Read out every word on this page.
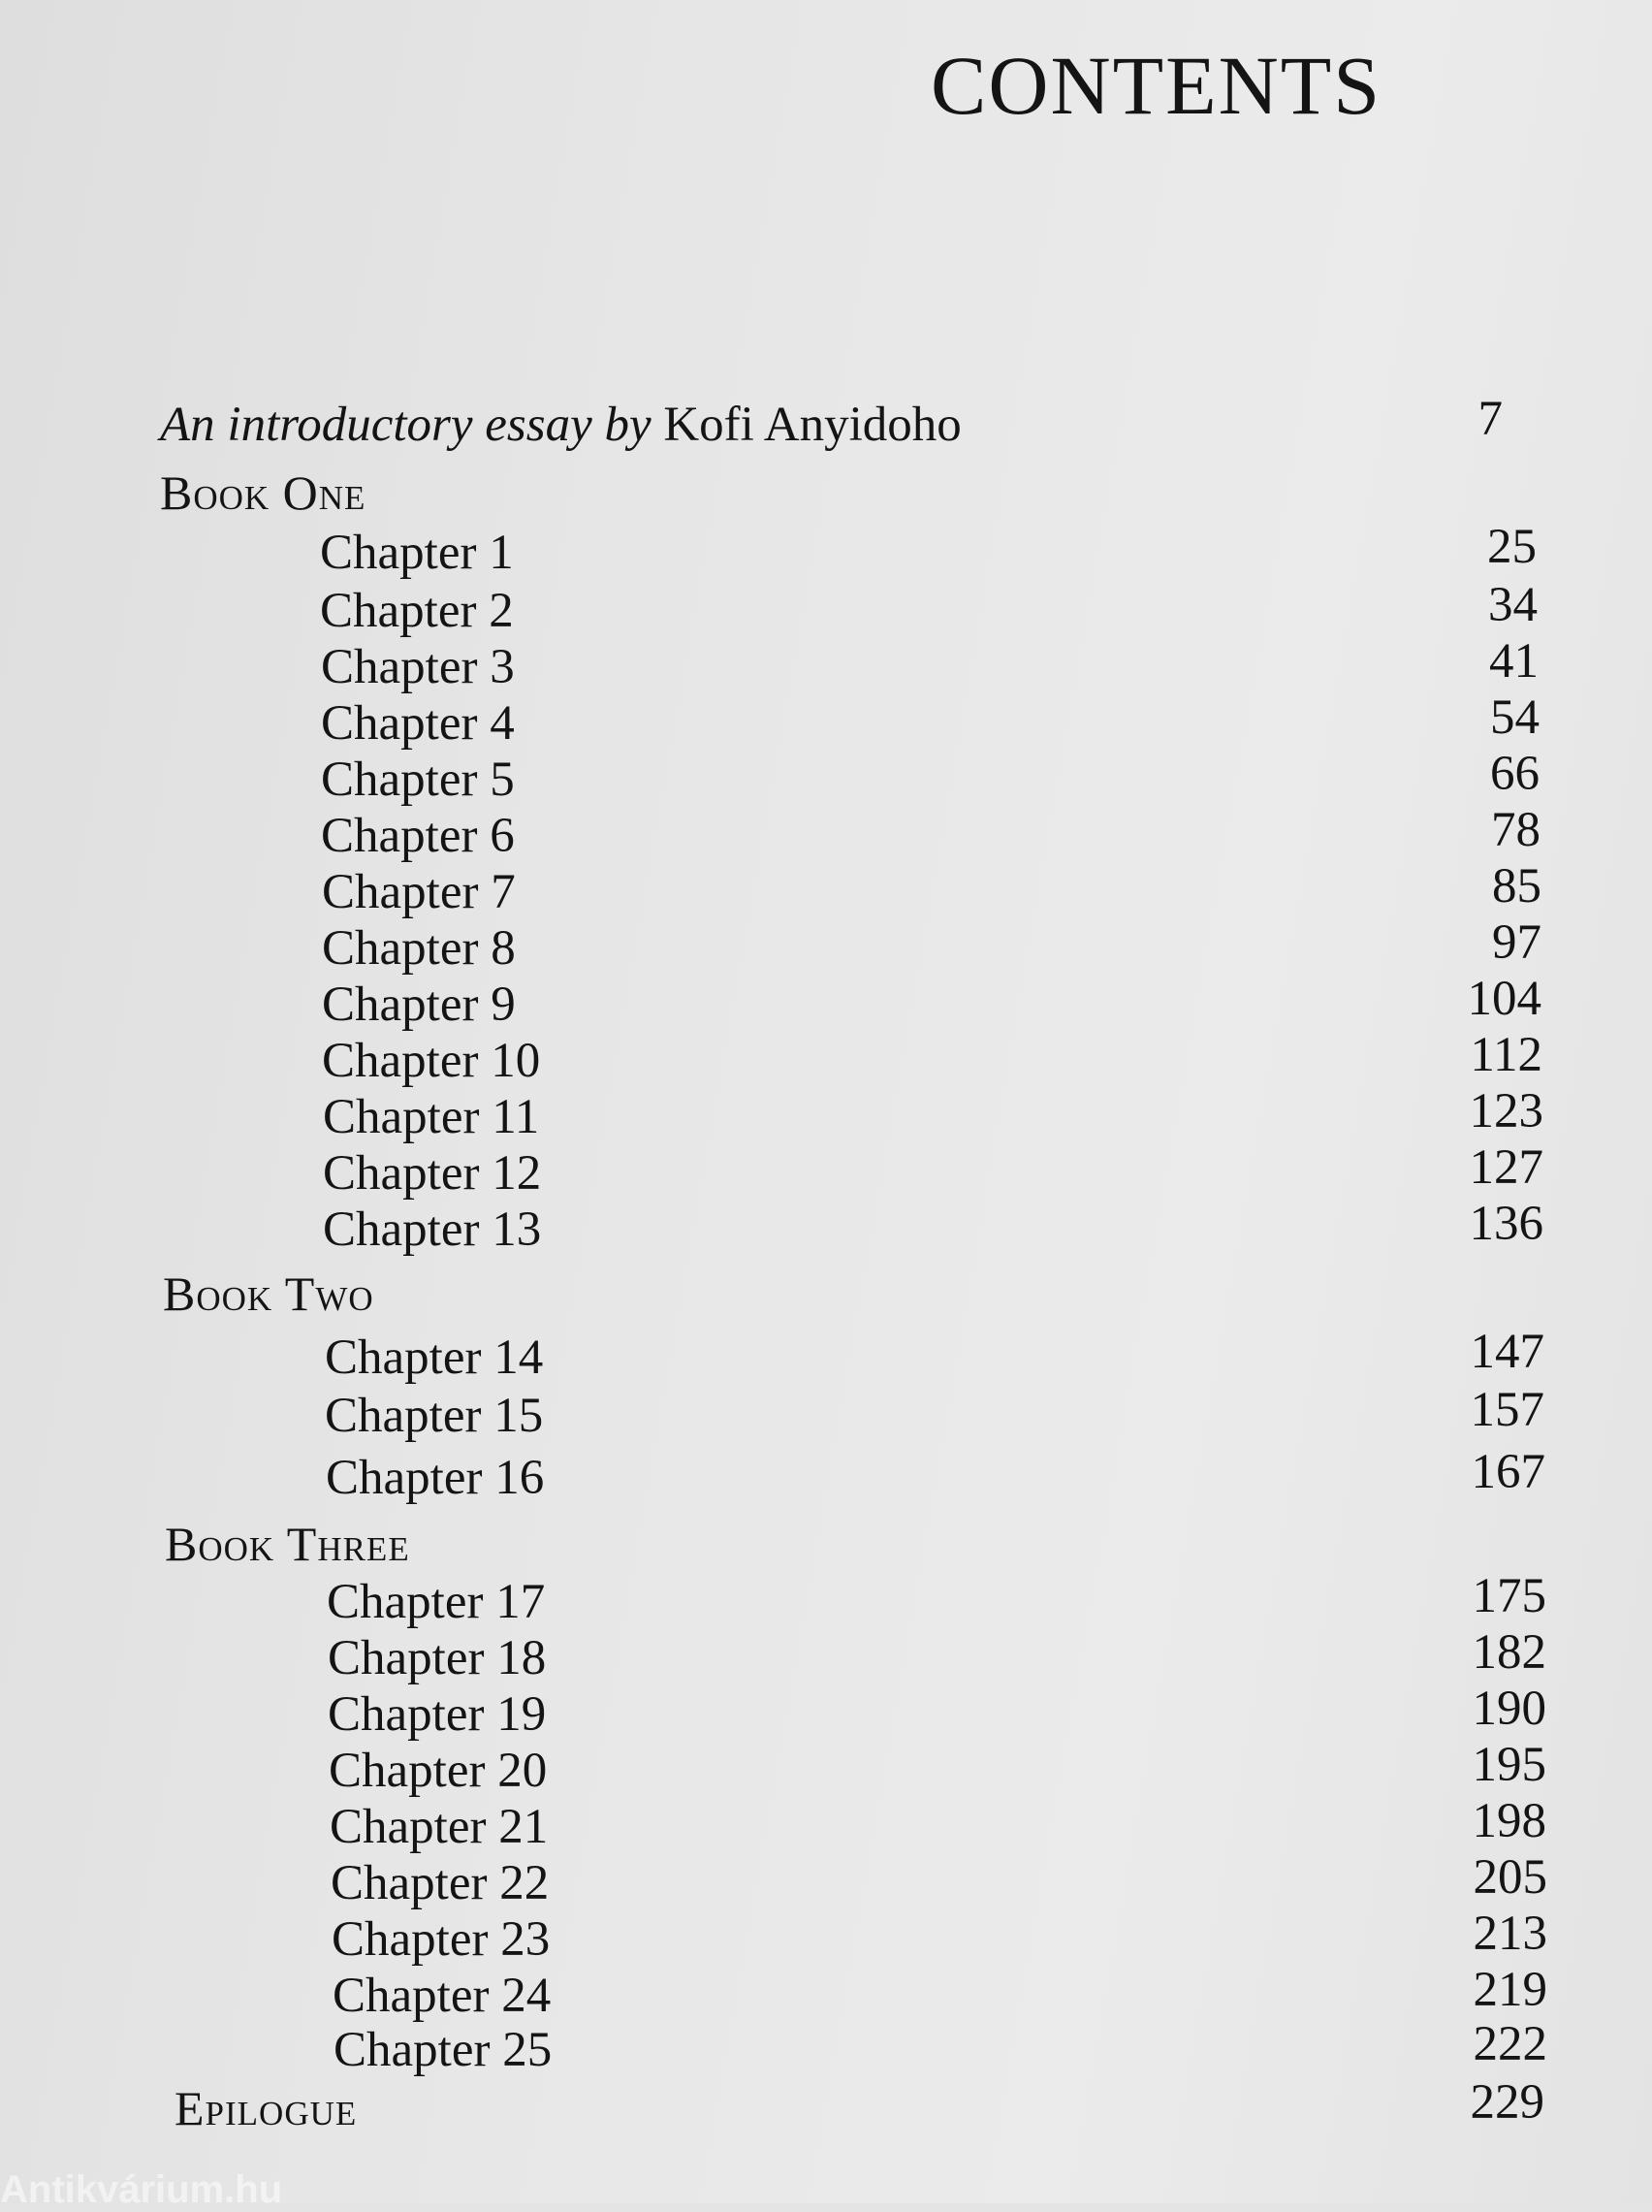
CONTENTS
An introductory essay by Kofi Anyidoho	7
Book One
Chapter 1	25
Chapter 2	34
Chapter 3	41
Chapter 4	54
Chapter 5	66
Chapter 6	78
Chapter 7	85
Chapter 8	97
Chapter 9	104
Chapter 10	112
Chapter 11	123
Chapter 12	127
Chapter 13	136
Book Two
Chapter 14	147
Chapter 15	157
Chapter 16	167
Book Three
Chapter 17	175
Chapter 18	182
Chapter 19	190
Chapter 20	195
Chapter 21	198
Chapter 22	205
Chapter 23	213
Chapter 24	219
Chapter 25	222
Epilogue	229
Antikvárium.hu
